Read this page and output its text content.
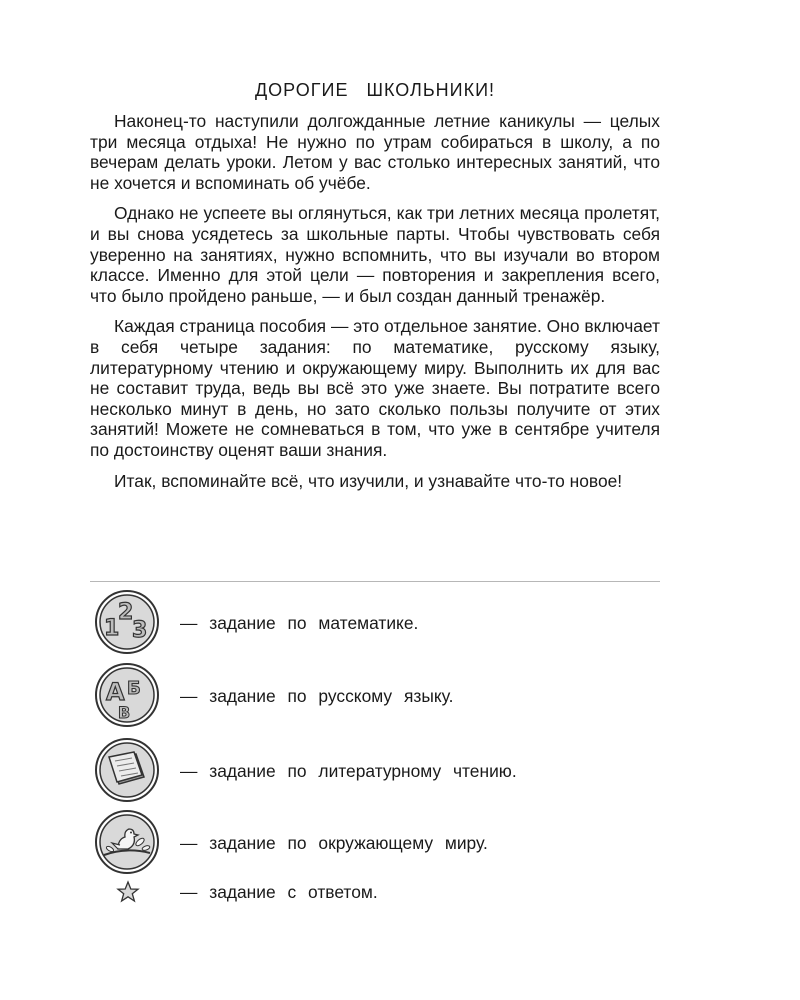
ДОРОГИЕ ШКОЛЬНИКИ!

Наконец-то наступили долгожданные летние каникулы — целых три месяца отдыха! Не нужно по утрам собираться в школу, а по вечерам делать уроки. Летом у вас столько интересных занятий, что не хочется и вспоминать об учёбе.

Однако не успеете вы оглянуться, как три летних месяца пролетят, и вы снова усядетесь за школьные парты. Чтобы чувствовать себя уверенно на занятиях, нужно вспомнить, что вы изучали во втором классе. Именно для этой цели — повторения и закрепления всего, что было пройдено раньше, — и был создан данный тренажёр.

Каждая страница пособия — это отдельное занятие. Оно включает в себя четыре задания: по математике, русскому языку, литературному чтению и окружающему миру. Выполнить их для вас не составит труда, ведь вы всё это уже знаете. Вы потратите всего несколько минут в день, но зато сколько пользы получите от этих занятий! Можете не сомневаться в том, что уже в сентябре учителя по достоинству оценят ваши знания.

Итак, вспоминайте всё, что изучили, и узнавайте что-то новое!

1
2
3 — задание по математике.
А Б
В
— задание по русскому языку.
— задание по литературному чтению.
— задание по окружающему миру.
— задание с ответом.
